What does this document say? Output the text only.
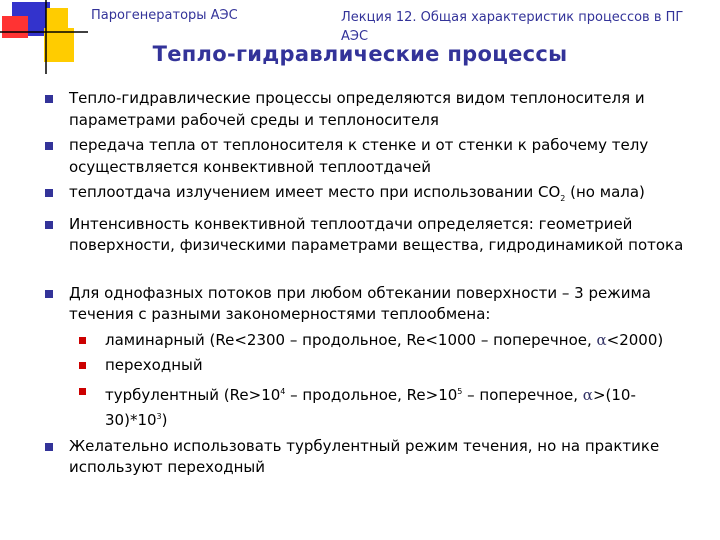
Парогенераторы АЭС	Лекция 12. Общая характеристик процессов в ПГ АЭС
Тепло-гидравлические процессы
Тепло-гидравлические процессы определяются видом теплоносителя и параметрами рабочей среды и теплоносителя
передача тепла от теплоносителя к стенке и от стенки к рабочему телу осуществляется конвективной теплоотдачей
теплоотдача излучением имеет место при использовании $CO_2$ (но мала)
Интенсивность конвективной теплоотдачи определяется: геометрией поверхности, физическими параметрами вещества, гидродинамикой потока
Для однофазных потоков при любом обтекании поверхности – 3 режима течения с разными закономерностями теплообмена:
ламинарный (Re<2300 – продольное, Re<1000 – поперечное, α<2000)
переходный
турбулентный ($Re>10^4$ – продольное, $Re>10^5$ – поперечное, $\alpha>(10-30)*10^3$)
Желательно использовать турбулентный режим течения, но на практике используют переходный
